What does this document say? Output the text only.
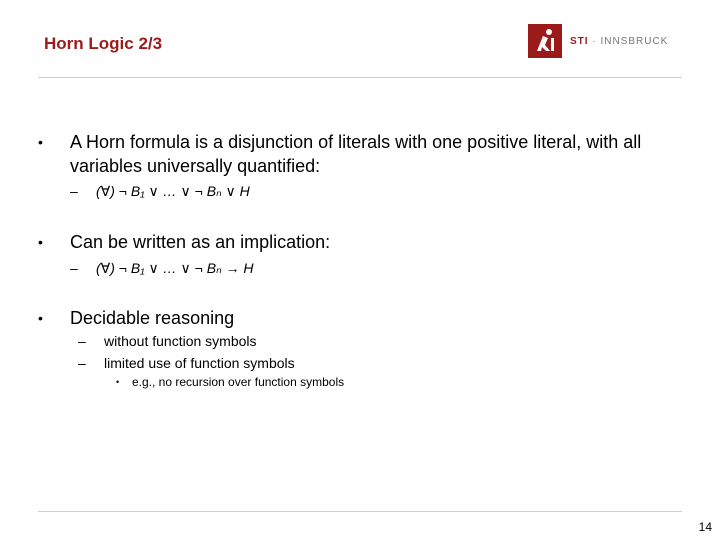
Horn Logic 2/3	STI · INNSBRUCK
•	A Horn formula is a disjunction of literals with one positive literal, with all variables universally quantified:
–	(∀) ¬ B₁ ∨ … ∨ ¬ Bₙ ∨ H
•	Can be written as an implication:
–	(∀) ¬ B₁ ∨ … ∨ ¬ Bₙ → H
•	Decidable reasoning
–	without function symbols
–	limited use of function symbols
•	e.g., no recursion over function symbols
14
